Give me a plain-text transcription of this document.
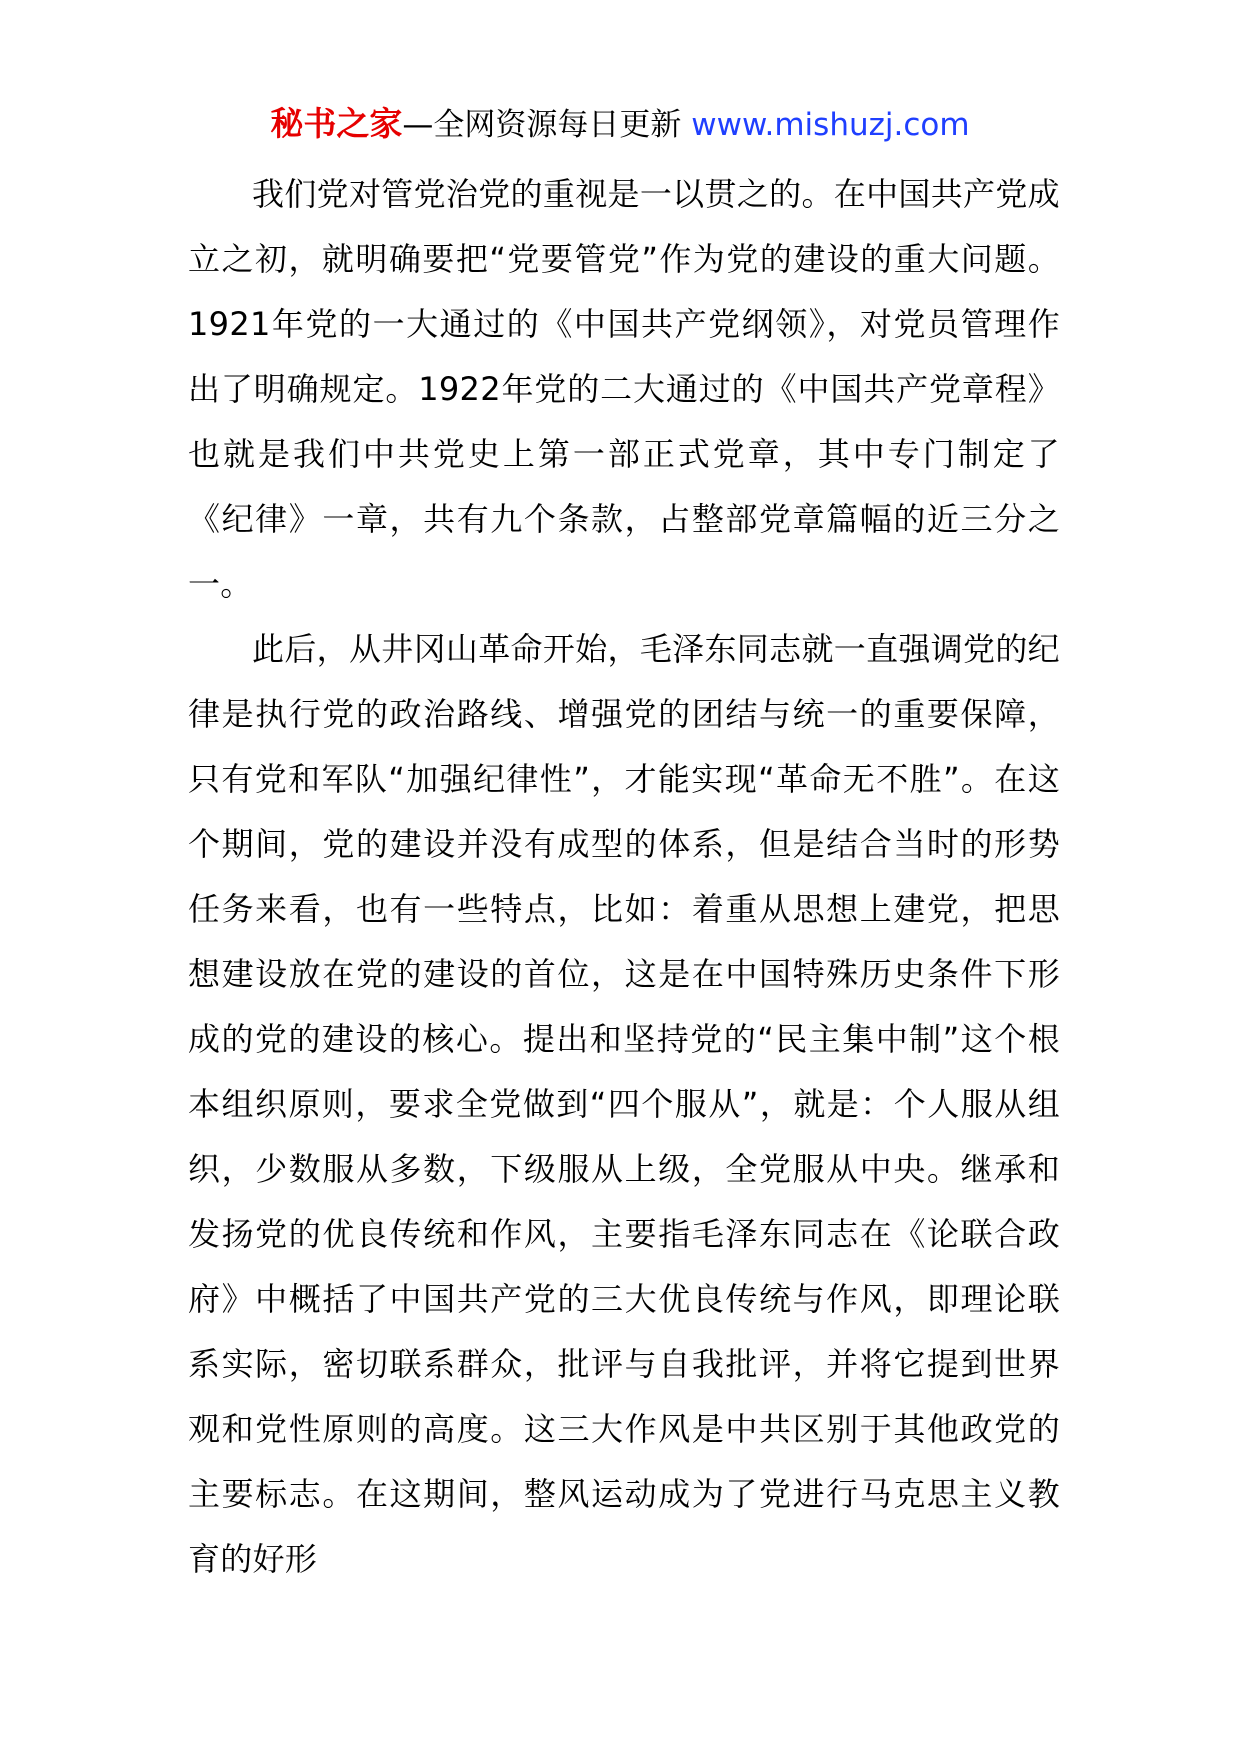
秘书之家—全网资源每日更新 www.mishuzj.com

我们党对管党治党的重视是一以贯之的。在中国共产党成立之初，就明确要把“党要管党”作为党的建设的重大问题。1921年党的一大通过的《中国共产党纲领》，对党员管理作出了明确规定。1922年党的二大通过的《中国共产党章程》也就是我们中共党史上第一部正式党章，其中专门制定了《纪律》一章，共有九个条款，占整部党章篇幅的近三分之一。

此后，从井冈山革命开始，毛泽东同志就一直强调党的纪律是执行党的政治路线、增强党的团结与统一的重要保障，只有党和军队“加强纪律性”，才能实现“革命无不胜”。在这个期间，党的建设并没有成型的体系，但是结合当时的形势任务来看，也有一些特点，比如：着重从思想上建党，把思想建设放在党的建设的首位，这是在中国特殊历史条件下形成的党的建设的核心。提出和坚持党的“民主集中制”这个根本组织原则，要求全党做到“四个服从”，就是：个人服从组织，少数服从多数，下级服从上级，全党服从中央。继承和发扬党的优良传统和作风，主要指毛泽东同志在《论联合政府》中概括了中国共产党的三大优良传统与作风，即理论联系实际，密切联系群众，批评与自我批评，并将它提到世界观和党性原则的高度。这三大作风是中共区别于其他政党的主要标志。在这期间，整风运动成为了党进行马克思主义教育的好形
